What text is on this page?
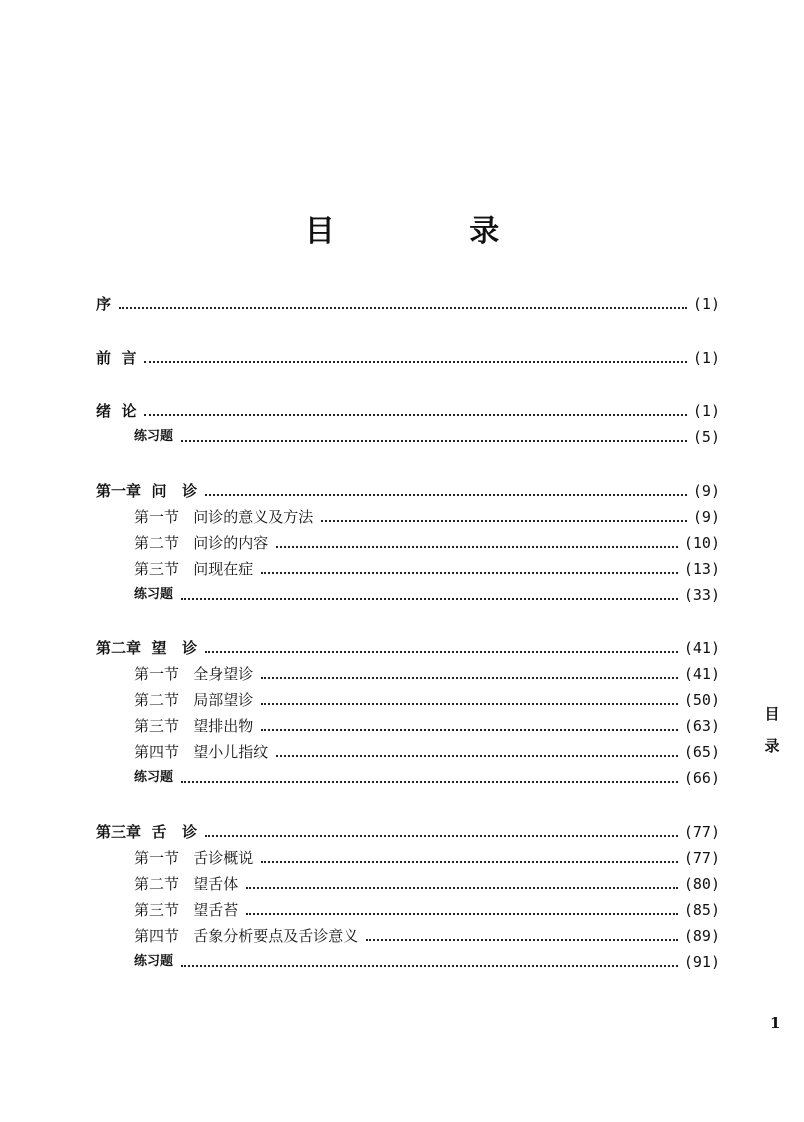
目 录
序	(1)
前  言	(1)
绪  论	(1)
练习题	(5)
第一章  问   诊	(9)
第一节   问诊的意义及方法	(9)
第二节   问诊的内容	(10)
第三节   问现在症	(13)
练习题	(33)
第二章  望   诊	(41)
第一节   全身望诊	(41)
第二节   局部望诊	(50)
第三节   望排出物	(63)
第四节   望小儿指纹	(65)
练习题	(66)
第三章  舌   诊	(77)
第一节   舌诊概说	(77)
第二节   望舌体	(80)
第三节   望舌苔	(85)
第四节   舌象分析要点及舌诊意义	(89)
练习题	(91)
目
录
1
